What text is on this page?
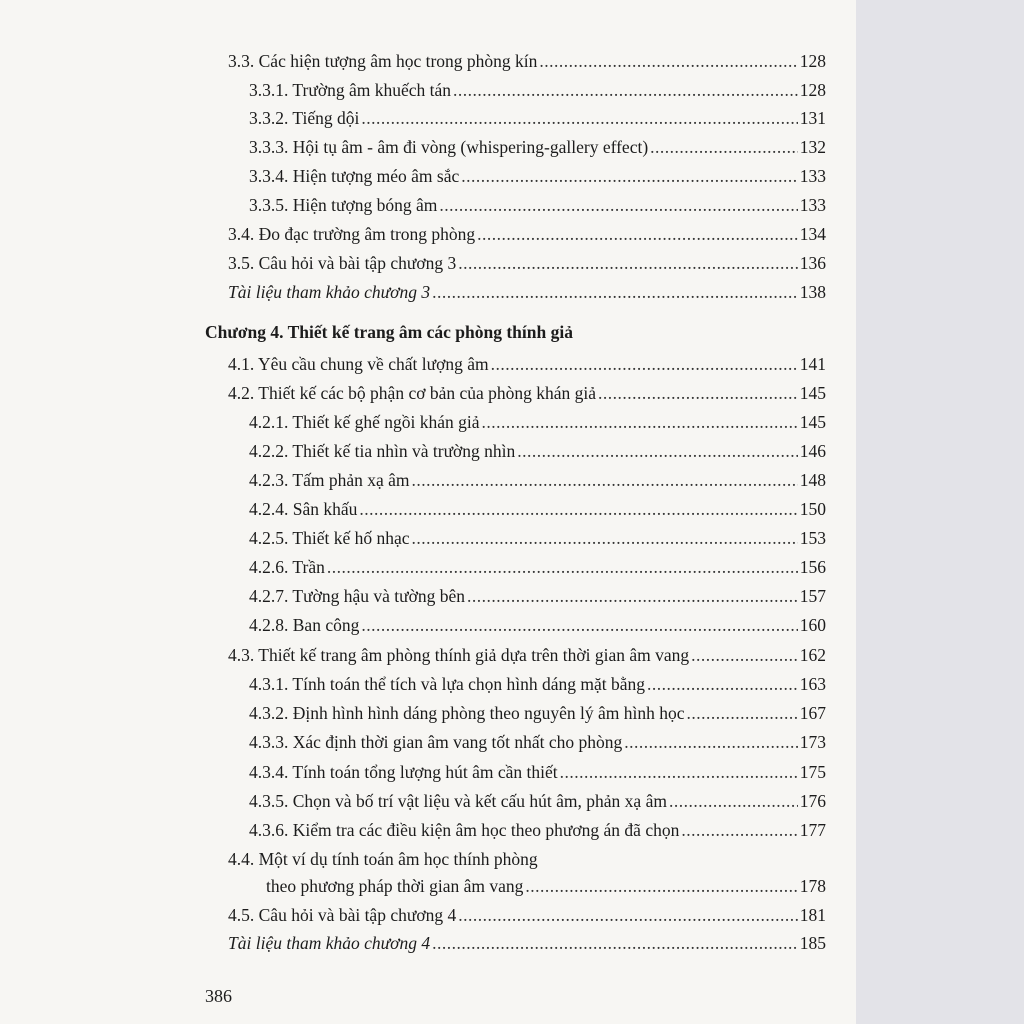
3.3. Các hiện tượng âm học trong phòng kín .....	128
3.3.1. Trường âm khuếch tán .....	128
3.3.2. Tiếng dội .....	131
3.3.3. Hội tụ âm - âm đi vòng (whispering-gallery effect) .....	132
3.3.4. Hiện tượng méo âm sắc .....	133
3.3.5. Hiện tượng bóng âm .....	133
3.4. Đo đạc trường âm trong phòng .....	134
3.5. Câu hỏi và bài tập chương 3 .....	136
Tài liệu tham khảo chương 3 .....	138
Chương 4. Thiết kế trang âm các phòng thính giả
4.1. Yêu cầu chung về chất lượng âm .....	141
4.2. Thiết kế các bộ phận cơ bản của phòng khán giả .....	145
4.2.1. Thiết kế ghế ngồi khán giả .....	145
4.2.2. Thiết kế tia nhìn và trường nhìn .....	146
4.2.3. Tấm phản xạ âm .....	148
4.2.4. Sân khấu .....	150
4.2.5. Thiết kế hố nhạc .....	153
4.2.6. Trần .....	156
4.2.7. Tường hậu và tường bên .....	157
4.2.8. Ban công .....	160
4.3. Thiết kế trang âm phòng thính giả dựa trên thời gian âm vang .....	162
4.3.1. Tính toán thể tích và lựa chọn hình dáng mặt bằng .....	163
4.3.2. Định hình hình dáng phòng theo nguyên lý âm hình học .....	167
4.3.3. Xác định thời gian âm vang tốt nhất cho phòng .....	173
4.3.4. Tính toán tổng lượng hút âm cần thiết .....	175
4.3.5. Chọn và bố trí vật liệu và kết cấu hút âm, phản xạ âm .....	176
4.3.6. Kiểm tra các điều kiện âm học theo phương án đã chọn .....	177
4.4. Một ví dụ tính toán âm học thính phòng
theo phương pháp thời gian âm vang .....	178
4.5. Câu hỏi và bài tập chương 4 .....	181
Tài liệu tham khảo chương 4 .....	185
386
